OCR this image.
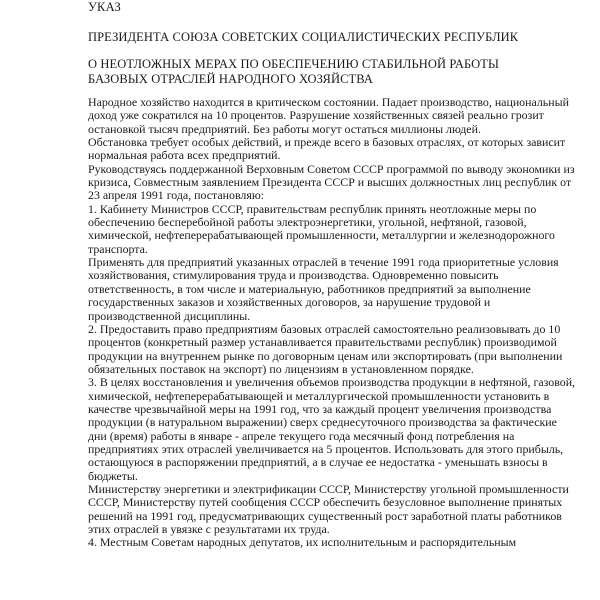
УКАЗ
ПРЕЗИДЕНТА СОЮЗА СОВЕТСКИХ СОЦИАЛИСТИЧЕСКИХ РЕСПУБЛИК
О НЕОТЛОЖНЫХ МЕРАХ ПО ОБЕСПЕЧЕНИЮ СТАБИЛЬНОЙ РАБОТЫ
БАЗОВЫХ ОТРАСЛЕЙ НАРОДНОГО ХОЗЯЙСТВА

Народное хозяйство находится в критическом состоянии. Падает производство, национальный доход уже сократился на 10 процентов. Разрушение хозяйственных связей реально грозит остановкой тысяч предприятий. Без работы могут остаться миллионы людей.

Обстановка требует особых действий, и прежде всего в базовых отраслях, от которых зависит нормальная работа всех предприятий.

Руководствуясь поддержанной Верховным Советом СССР программой по выводу экономики из кризиса, Совместным заявлением Президента СССР и высших должностных лиц республик от 23 апреля 1991 года, постановляю:

1. Кабинету Министров СССР, правительствам республик принять неотложные меры по обеспечению бесперебойной работы электроэнергетики, угольной, нефтяной, газовой, химической, нефтеперерабатывающей промышленности, металлургии и железнодорожного транспорта.

Применять для предприятий указанных отраслей в течение 1991 года приоритетные условия хозяйствования, стимулирования труда и производства. Одновременно повысить ответственность, в том числе и материальную, работников предприятий за выполнение государственных заказов и хозяйственных договоров, за нарушение трудовой и производственной дисциплины.

2. Предоставить право предприятиям базовых отраслей самостоятельно реализовывать до 10 процентов (конкретный размер устанавливается правительствами республик) производимой продукции на внутреннем рынке по договорным ценам или экспортировать (при выполнении обязательных поставок на экспорт) по лицензиям в установленном порядке.

3. В целях восстановления и увеличения объемов производства продукции в нефтяной, газовой, химической, нефтеперерабатывающей и металлургической промышленности установить в качестве чрезвычайной меры на 1991 год, что за каждый процент увеличения производства продукции (в натуральном выражении) сверх среднесуточного производства за фактические дни (время) работы в январе - апреле текущего года месячный фонд потребления на предприятиях этих отраслей увеличивается на 5 процентов. Использовать для этого прибыль, остающуюся в распоряжении предприятий, а в случае ее недостатка - уменьшать взносы в бюджеты.

Министерству энергетики и электрификации СССР, Министерству угольной промышленности СССР, Министерству путей сообщения СССР обеспечить безусловное выполнение принятых решений на 1991 год, предусматривающих существенный рост заработной платы работников этих отраслей в увязке с результатами их труда.

4. Местным Советам народных депутатов, их исполнительным и распорядительным
